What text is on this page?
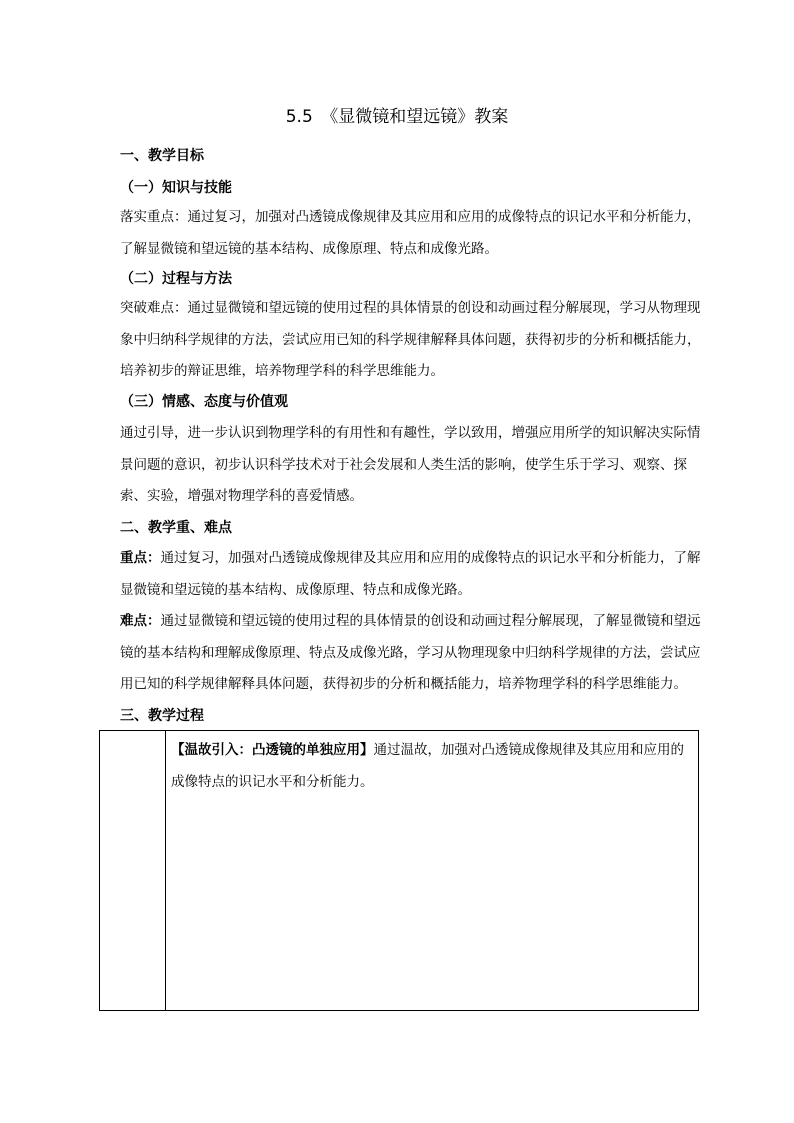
5.5　《显微镜和望远镜》教案
一、教学目标
（一）知识与技能

落实重点：通过复习，加强对凸透镜成像规律及其应用和应用的成像特点的识记水平和分析能力，了解显微镜和望远镜的基本结构、成像原理、特点和成像光路。

（二）过程与方法

突破难点：通过显微镜和望远镜的使用过程的具体情景的创设和动画过程分解展现，学习从物理现象中归纳科学规律的方法，尝试应用已知的科学规律解释具体问题，获得初步的分析和概括能力，培养初步的辩证思维，培养物理学科的科学思维能力。

（三）情感、态度与价值观

通过引导，进一步认识到物理学科的有用性和有趣性，学以致用，增强应用所学的知识解决实际情景问题的意识，初步认识科学技术对于社会发展和人类生活的影响，使学生乐于学习、观察、探索、实验，增强对物理学科的喜爱情感。

二、教学重、难点

重点：通过复习，加强对凸透镜成像规律及其应用和应用的成像特点的识记水平和分析能力，了解显微镜和望远镜的基本结构、成像原理、特点和成像光路。

难点：通过显微镜和望远镜的使用过程的具体情景的创设和动画过程分解展现，了解显微镜和望远镜的基本结构和理解成像原理、特点及成像光路，学习从物理现象中归纳科学规律的方法，尝试应用已知的科学规律解释具体问题，获得初步的分析和概括能力，培养物理学科的科学思维能力。

三、教学过程

【温故引入：凸透镜的单独应用】通过温故，加强对凸透镜成像规律及其应用和应用的成像特点的识记水平和分析能力。
